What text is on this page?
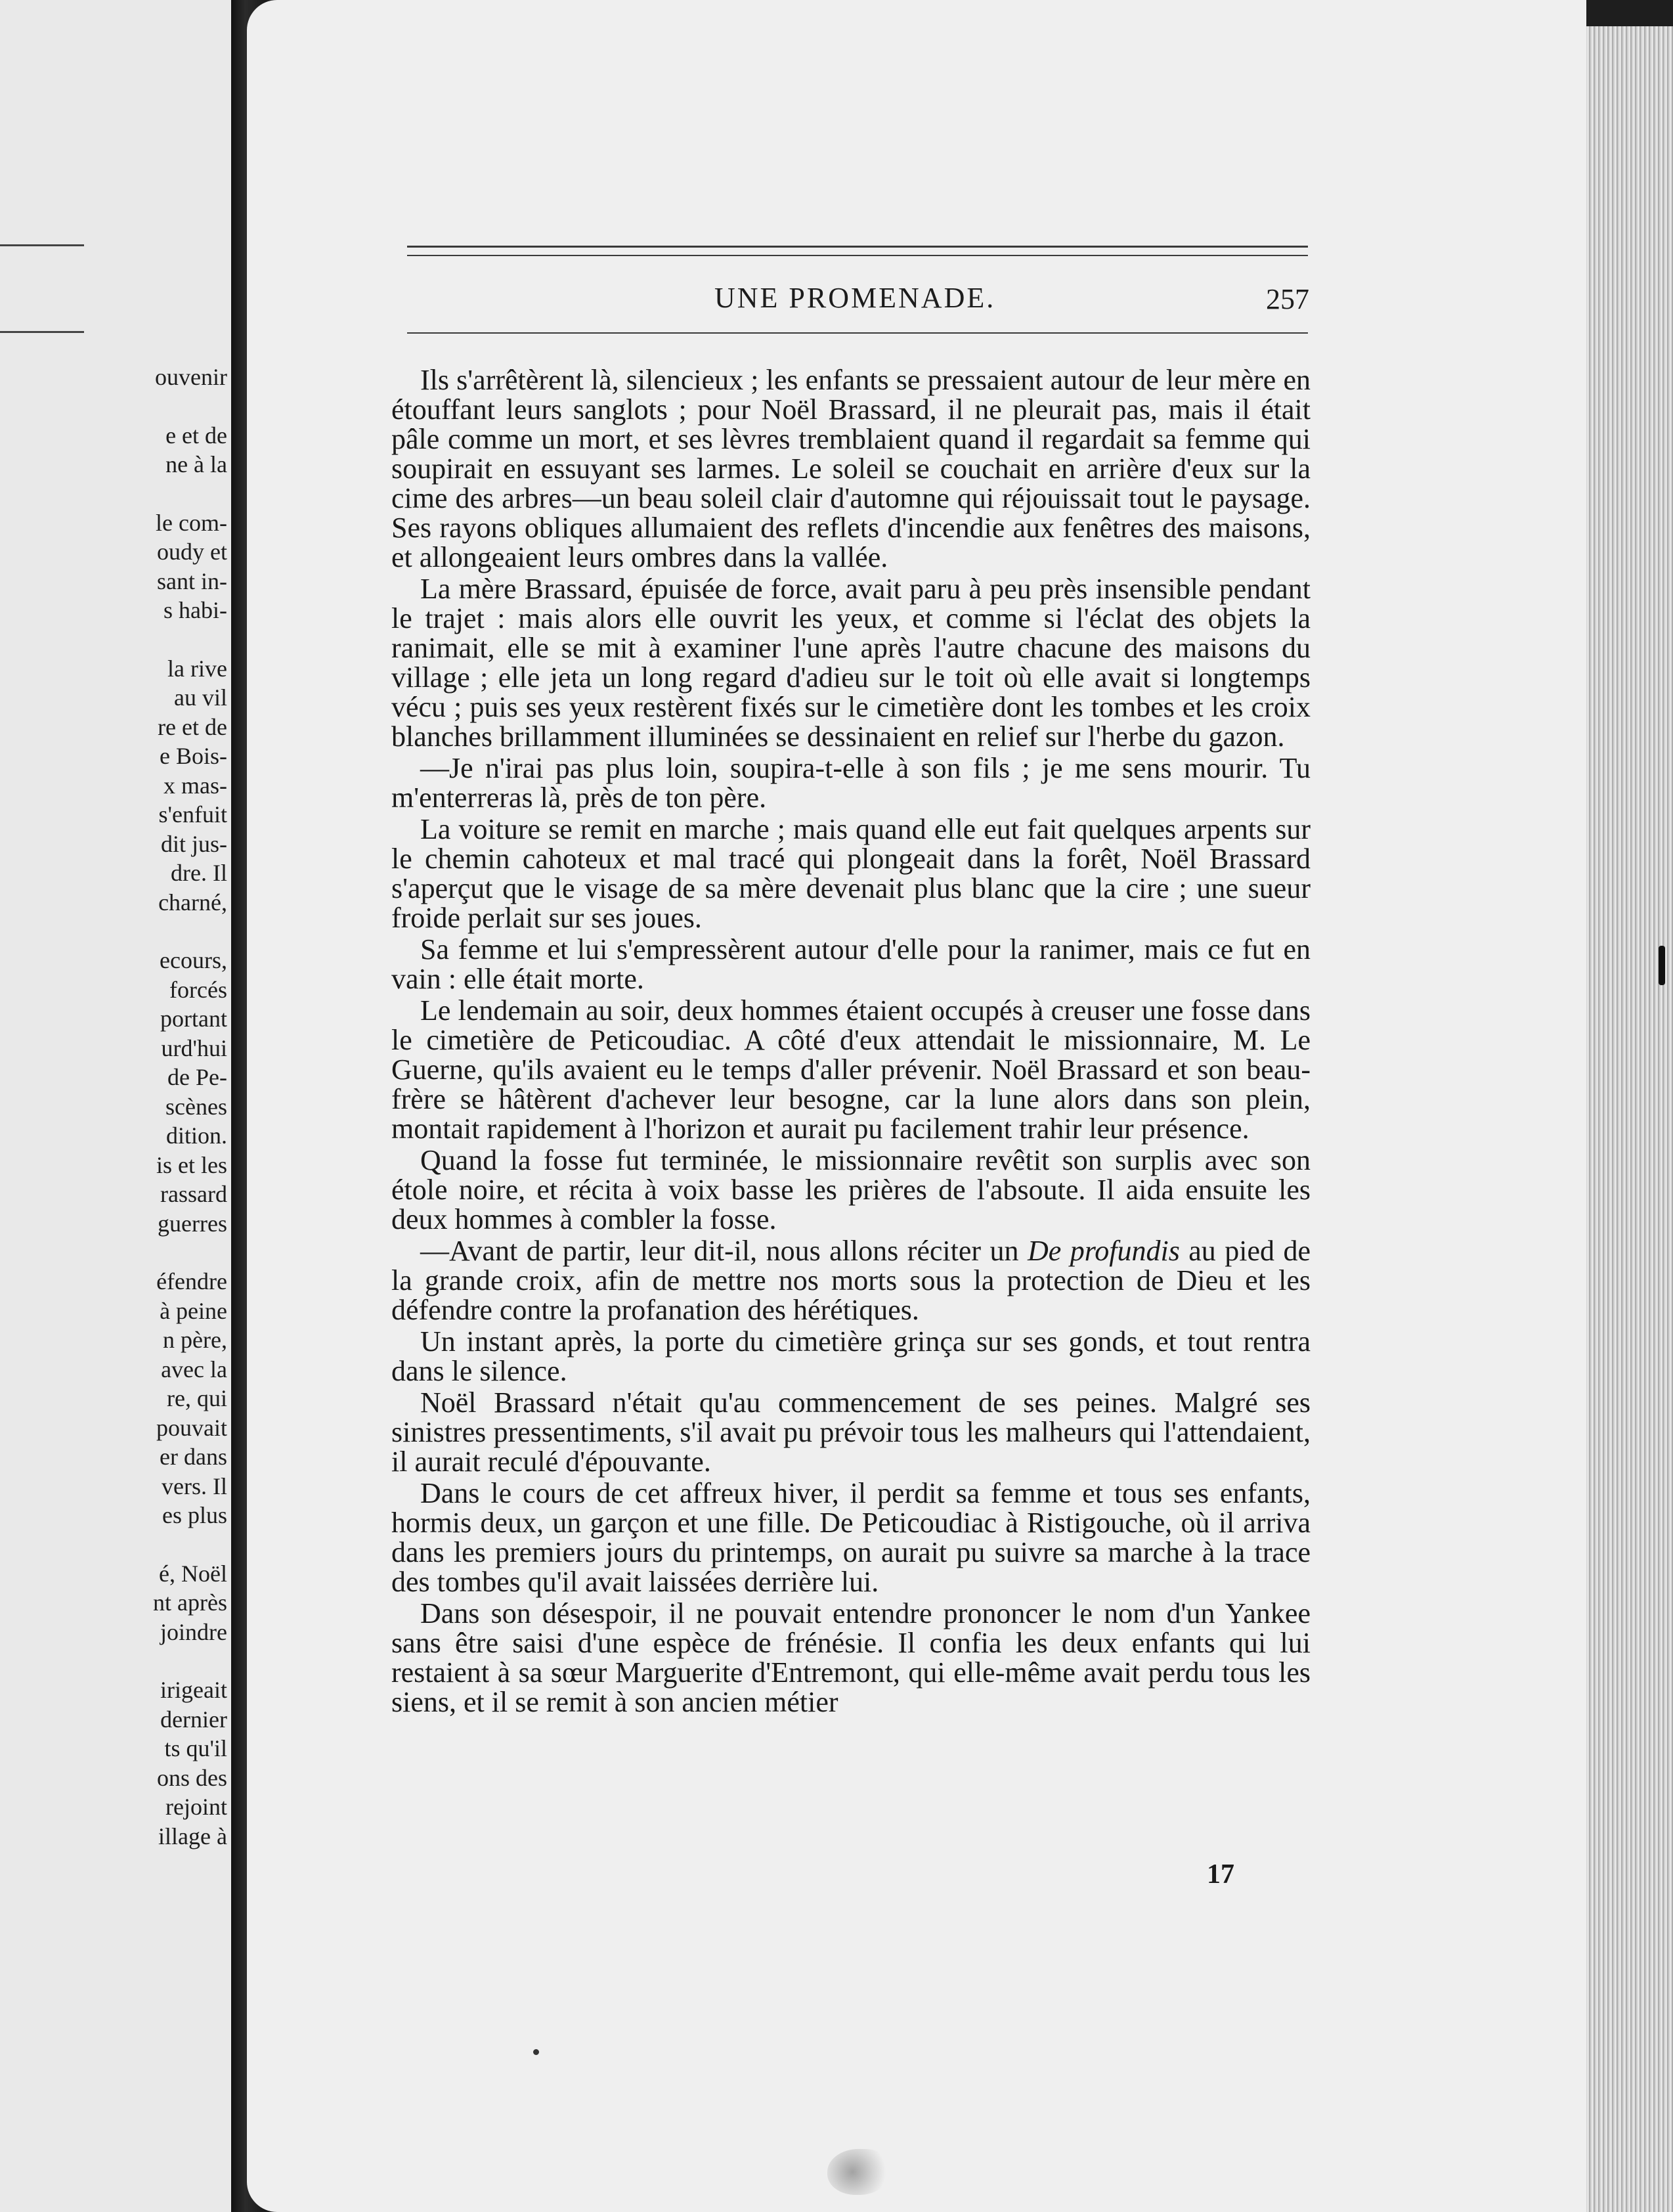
ouvenir
e et de
ne à la
le com-
oudy et
sant in-
s habi-
la rive
au vil
re et de
e Bois-
x mas-
s'enfuit
dit jus-
dre. Il
charné,
ecours,
forcés
portant
urd'hui
de Pe-
scènes
dition.
is et les
rassard
guerres
éfendre
à peine
n père,
avec la
re, qui
pouvait
er dans
vers. Il
es plus
é, Noël
nt après
joindre
irigeait
dernier
ts qu'il
ons des
rejoint
illage à
UNE PROMENADE.	257

Ils s'arrêtèrent là, silencieux ; les enfants se pressaient autour de leur mère en étouffant leurs sanglots ; pour Noël Brassard, il ne pleurait pas, mais il était pâle comme un mort, et ses lèvres tremblaient quand il regardait sa femme qui soupirait en essuyant ses larmes. Le soleil se couchait en arrière d'eux sur la cime des arbres—un beau soleil clair d'automne qui réjouissait tout le paysage. Ses rayons obliques allumaient des reflets d'incendie aux fenêtres des maisons, et allongeaient leurs ombres dans la vallée.

La mère Brassard, épuisée de force, avait paru à peu près insensible pendant le trajet : mais alors elle ouvrit les yeux, et comme si l'éclat des objets la ranimait, elle se mit à examiner l'une après l'autre chacune des maisons du village ; elle jeta un long regard d'adieu sur le toit où elle avait si longtemps vécu ; puis ses yeux restèrent fixés sur le cimetière dont les tombes et les croix blanches brillamment illuminées se dessinaient en relief sur l'herbe du gazon.

—Je n'irai pas plus loin, soupira-t-elle à son fils ; je me sens mourir. Tu m'enterreras là, près de ton père.

La voiture se remit en marche ; mais quand elle eut fait quelques arpents sur le chemin cahoteux et mal tracé qui plongeait dans la forêt, Noël Brassard s'aperçut que le visage de sa mère devenait plus blanc que la cire ; une sueur froide perlait sur ses joues.

Sa femme et lui s'empressèrent autour d'elle pour la ranimer, mais ce fut en vain : elle était morte.

Le lendemain au soir, deux hommes étaient occupés à creuser une fosse dans le cimetière de Peticoudiac. A côté d'eux attendait le missionnaire, M. Le Guerne, qu'ils avaient eu le temps d'aller prévenir. Noël Brassard et son beau-frère se hâtèrent d'achever leur besogne, car la lune alors dans son plein, montait rapidement à l'horizon et aurait pu facilement trahir leur présence.

Quand la fosse fut terminée, le missionnaire revêtit son surplis avec son étole noire, et récita à voix basse les prières de l'absoute. Il aida ensuite les deux hommes à combler la fosse.

—Avant de partir, leur dit-il, nous allons réciter un De profundis au pied de la grande croix, afin de mettre nos morts sous la protection de Dieu et les défendre contre la profanation des hérétiques.

Un instant après, la porte du cimetière grinça sur ses gonds, et tout rentra dans le silence.

Noël Brassard n'était qu'au commencement de ses peines. Malgré ses sinistres pressentiments, s'il avait pu prévoir tous les malheurs qui l'attendaient, il aurait reculé d'épouvante.

Dans le cours de cet affreux hiver, il perdit sa femme et tous ses enfants, hormis deux, un garçon et une fille. De Peticoudiac à Ristigouche, où il arriva dans les premiers jours du printemps, on aurait pu suivre sa marche à la trace des tombes qu'il avait laissées derrière lui.

Dans son désespoir, il ne pouvait entendre prononcer le nom d'un Yankee sans être saisi d'une espèce de frénésie. Il confia les deux enfants qui lui restaient à sa sœur Marguerite d'Entremont, qui elle-même avait perdu tous les siens, et il se remit à son ancien métier

17
